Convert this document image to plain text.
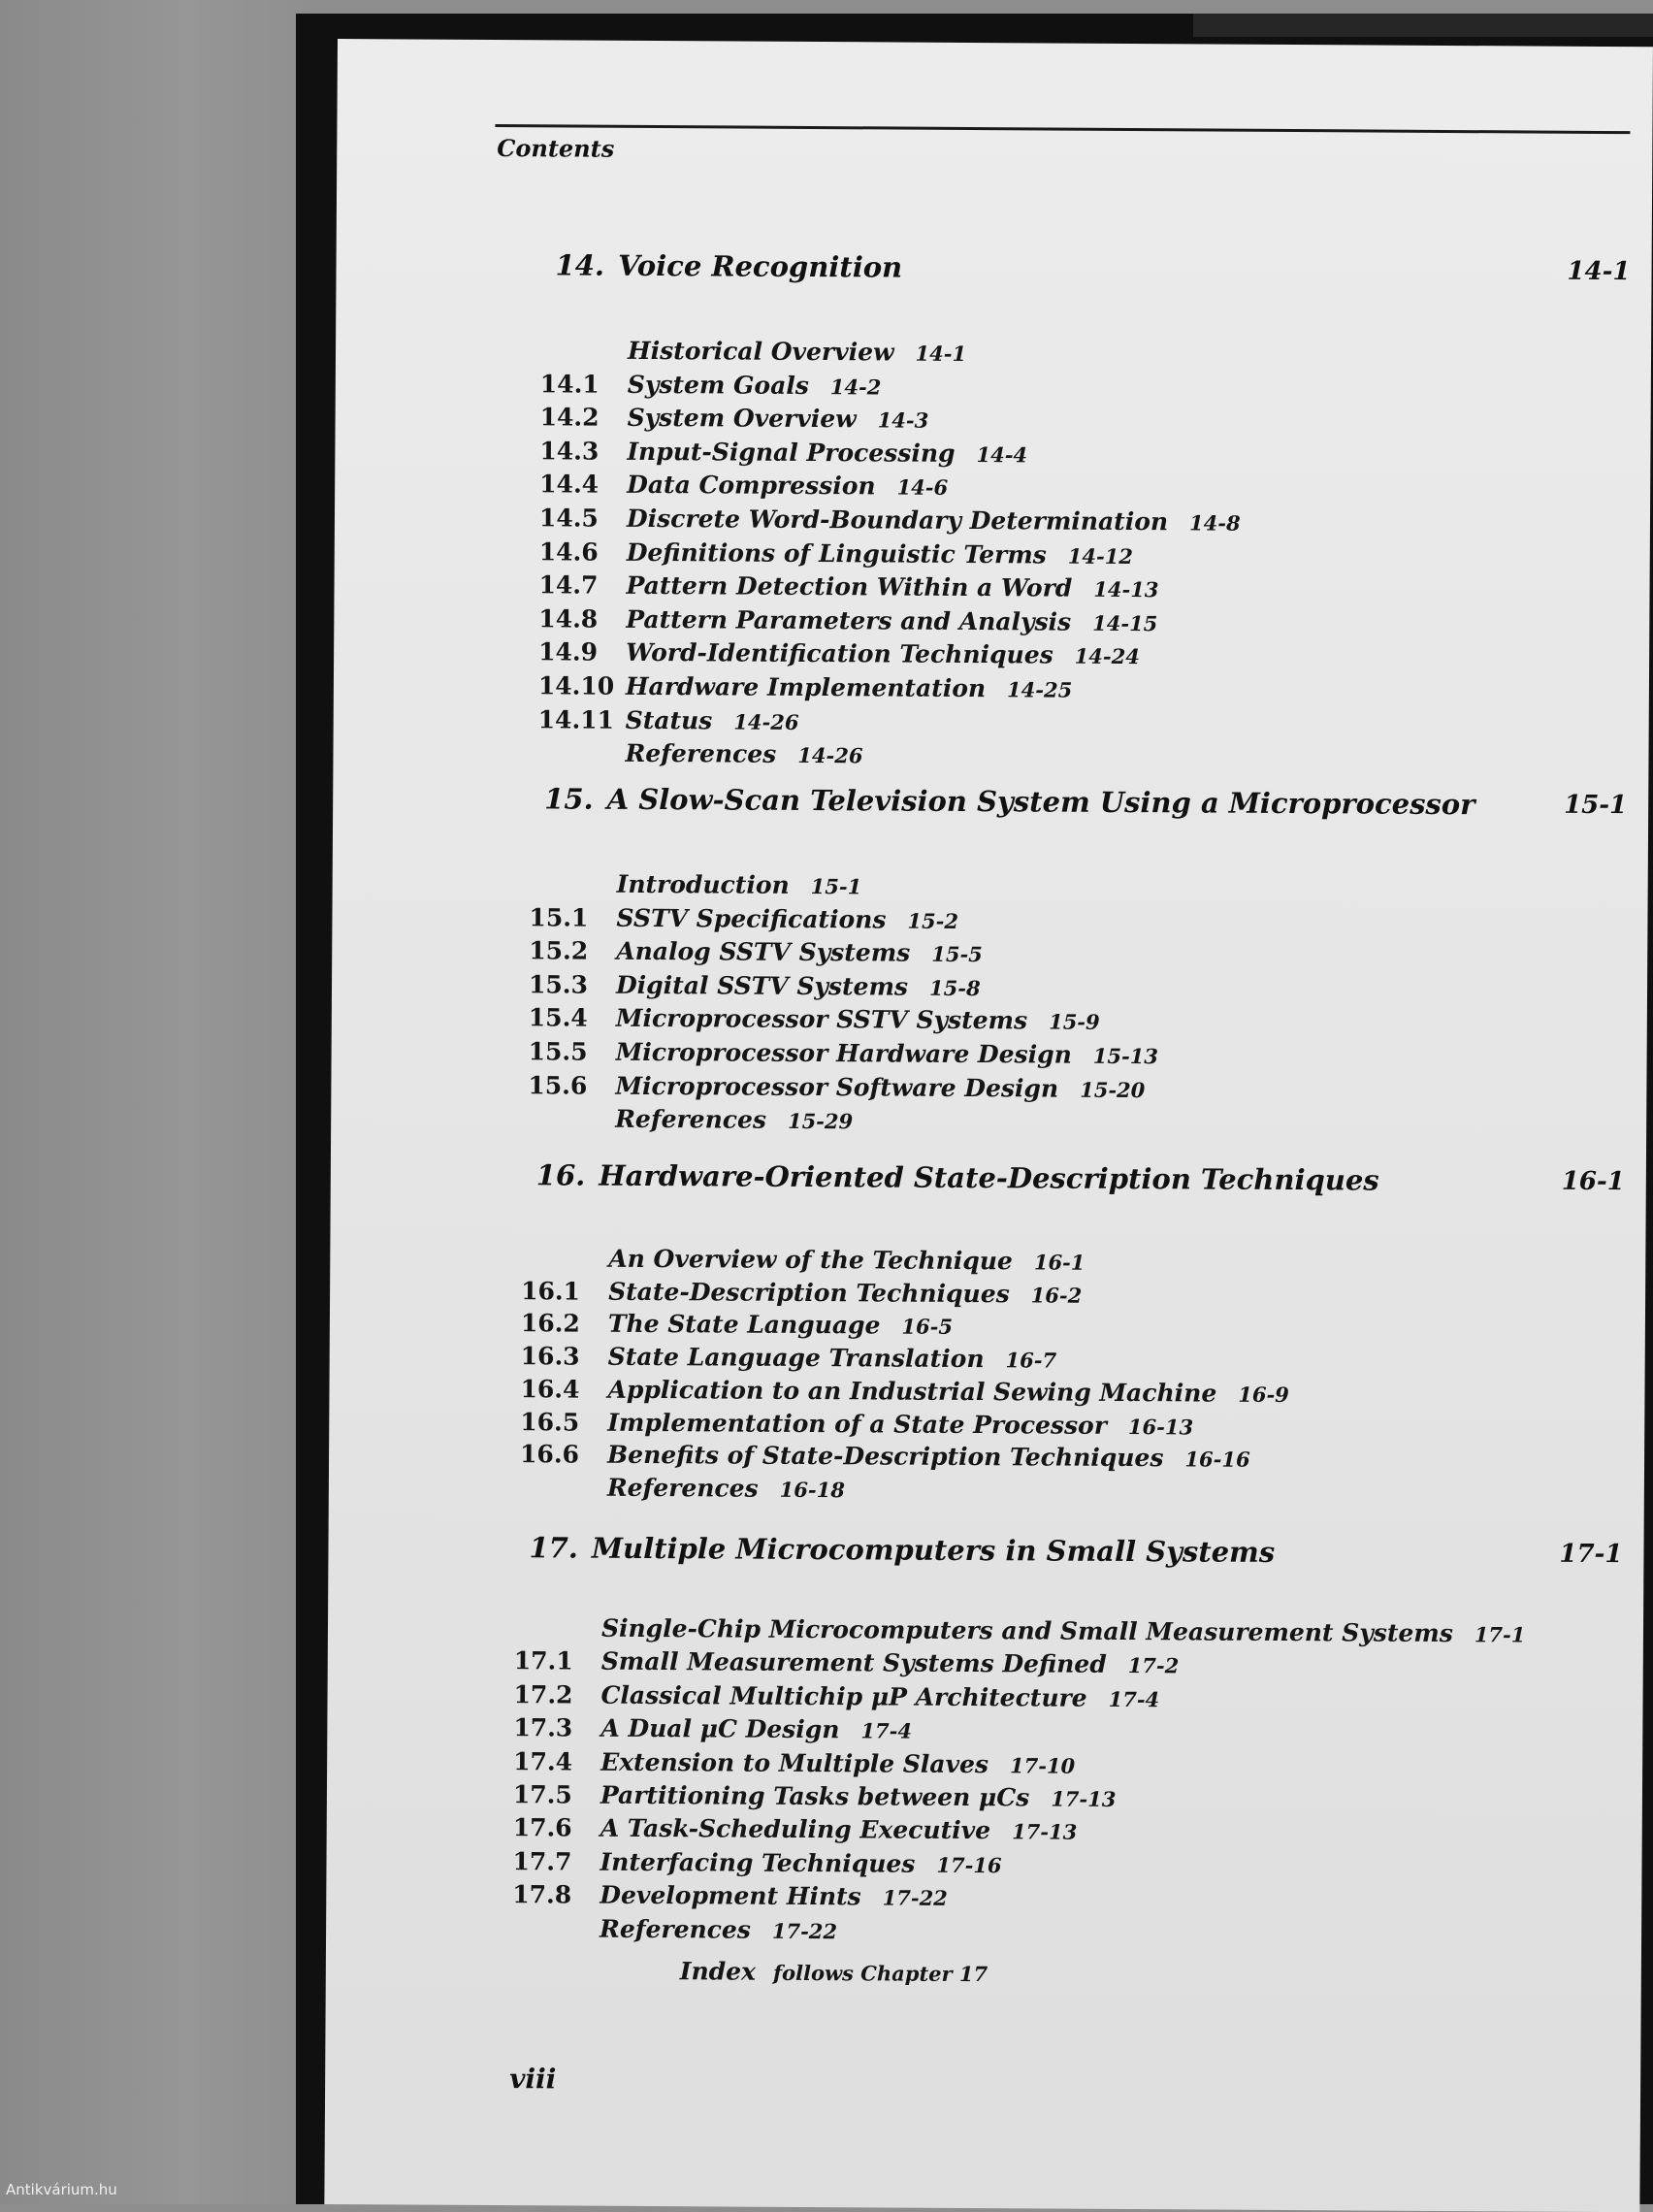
Contents
14. Voice Recognition	14-1
Historical Overview 14-1
14.1	System Goals 14-2
14.2	System Overview 14-3
14.3	Input-Signal Processing 14-4
14.4	Data Compression 14-6
14.5	Discrete Word-Boundary Determination 14-8
14.6	Definitions of Linguistic Terms 14-12
14.7	Pattern Detection Within a Word 14-13
14.8	Pattern Parameters and Analysis 14-15
14.9	Word-Identification Techniques 14-24
14.10 Hardware Implementation 14-25
14.11 Status 14-26
References 14-26
15. A Slow-Scan Television System Using a Microprocessor	15-1
Introduction 15-1
15.1	SSTV Specifications 15-2
15.2	Analog SSTV Systems 15-5
15.3	Digital SSTV Systems 15-8
15.4	Microprocessor SSTV Systems 15-9
15.5	Microprocessor Hardware Design 15-13
15.6	Microprocessor Software Design 15-20
References 15-29
16. Hardware-Oriented State-Description Techniques	16-1
An Overview of the Technique 16-1
16.1	State-Description Techniques 16-2
16.2	The State Language 16-5
16.3	State Language Translation 16-7
16.4	Application to an Industrial Sewing Machine 16-9
16.5	Implementation of a State Processor 16-13
16.6	Benefits of State-Description Techniques 16-16
References 16-18
17. Multiple Microcomputers in Small Systems	17-1
Single-Chip Microcomputers and Small Measurement Systems 17-1
17.1	Small Measurement Systems Defined 17-2
17.2	Classical Multichip μP Architecture 17-4
17.3	A Dual μC Design 17-4
17.4	Extension to Multiple Slaves 17-10
17.5	Partitioning Tasks between μCs 17-13
17.6	A Task-Scheduling Executive 17-13
17.7	Interfacing Techniques 17-16
17.8	Development Hints 17-22
References 17-22
Index follows Chapter 17
viii
Antikvárium.hu
